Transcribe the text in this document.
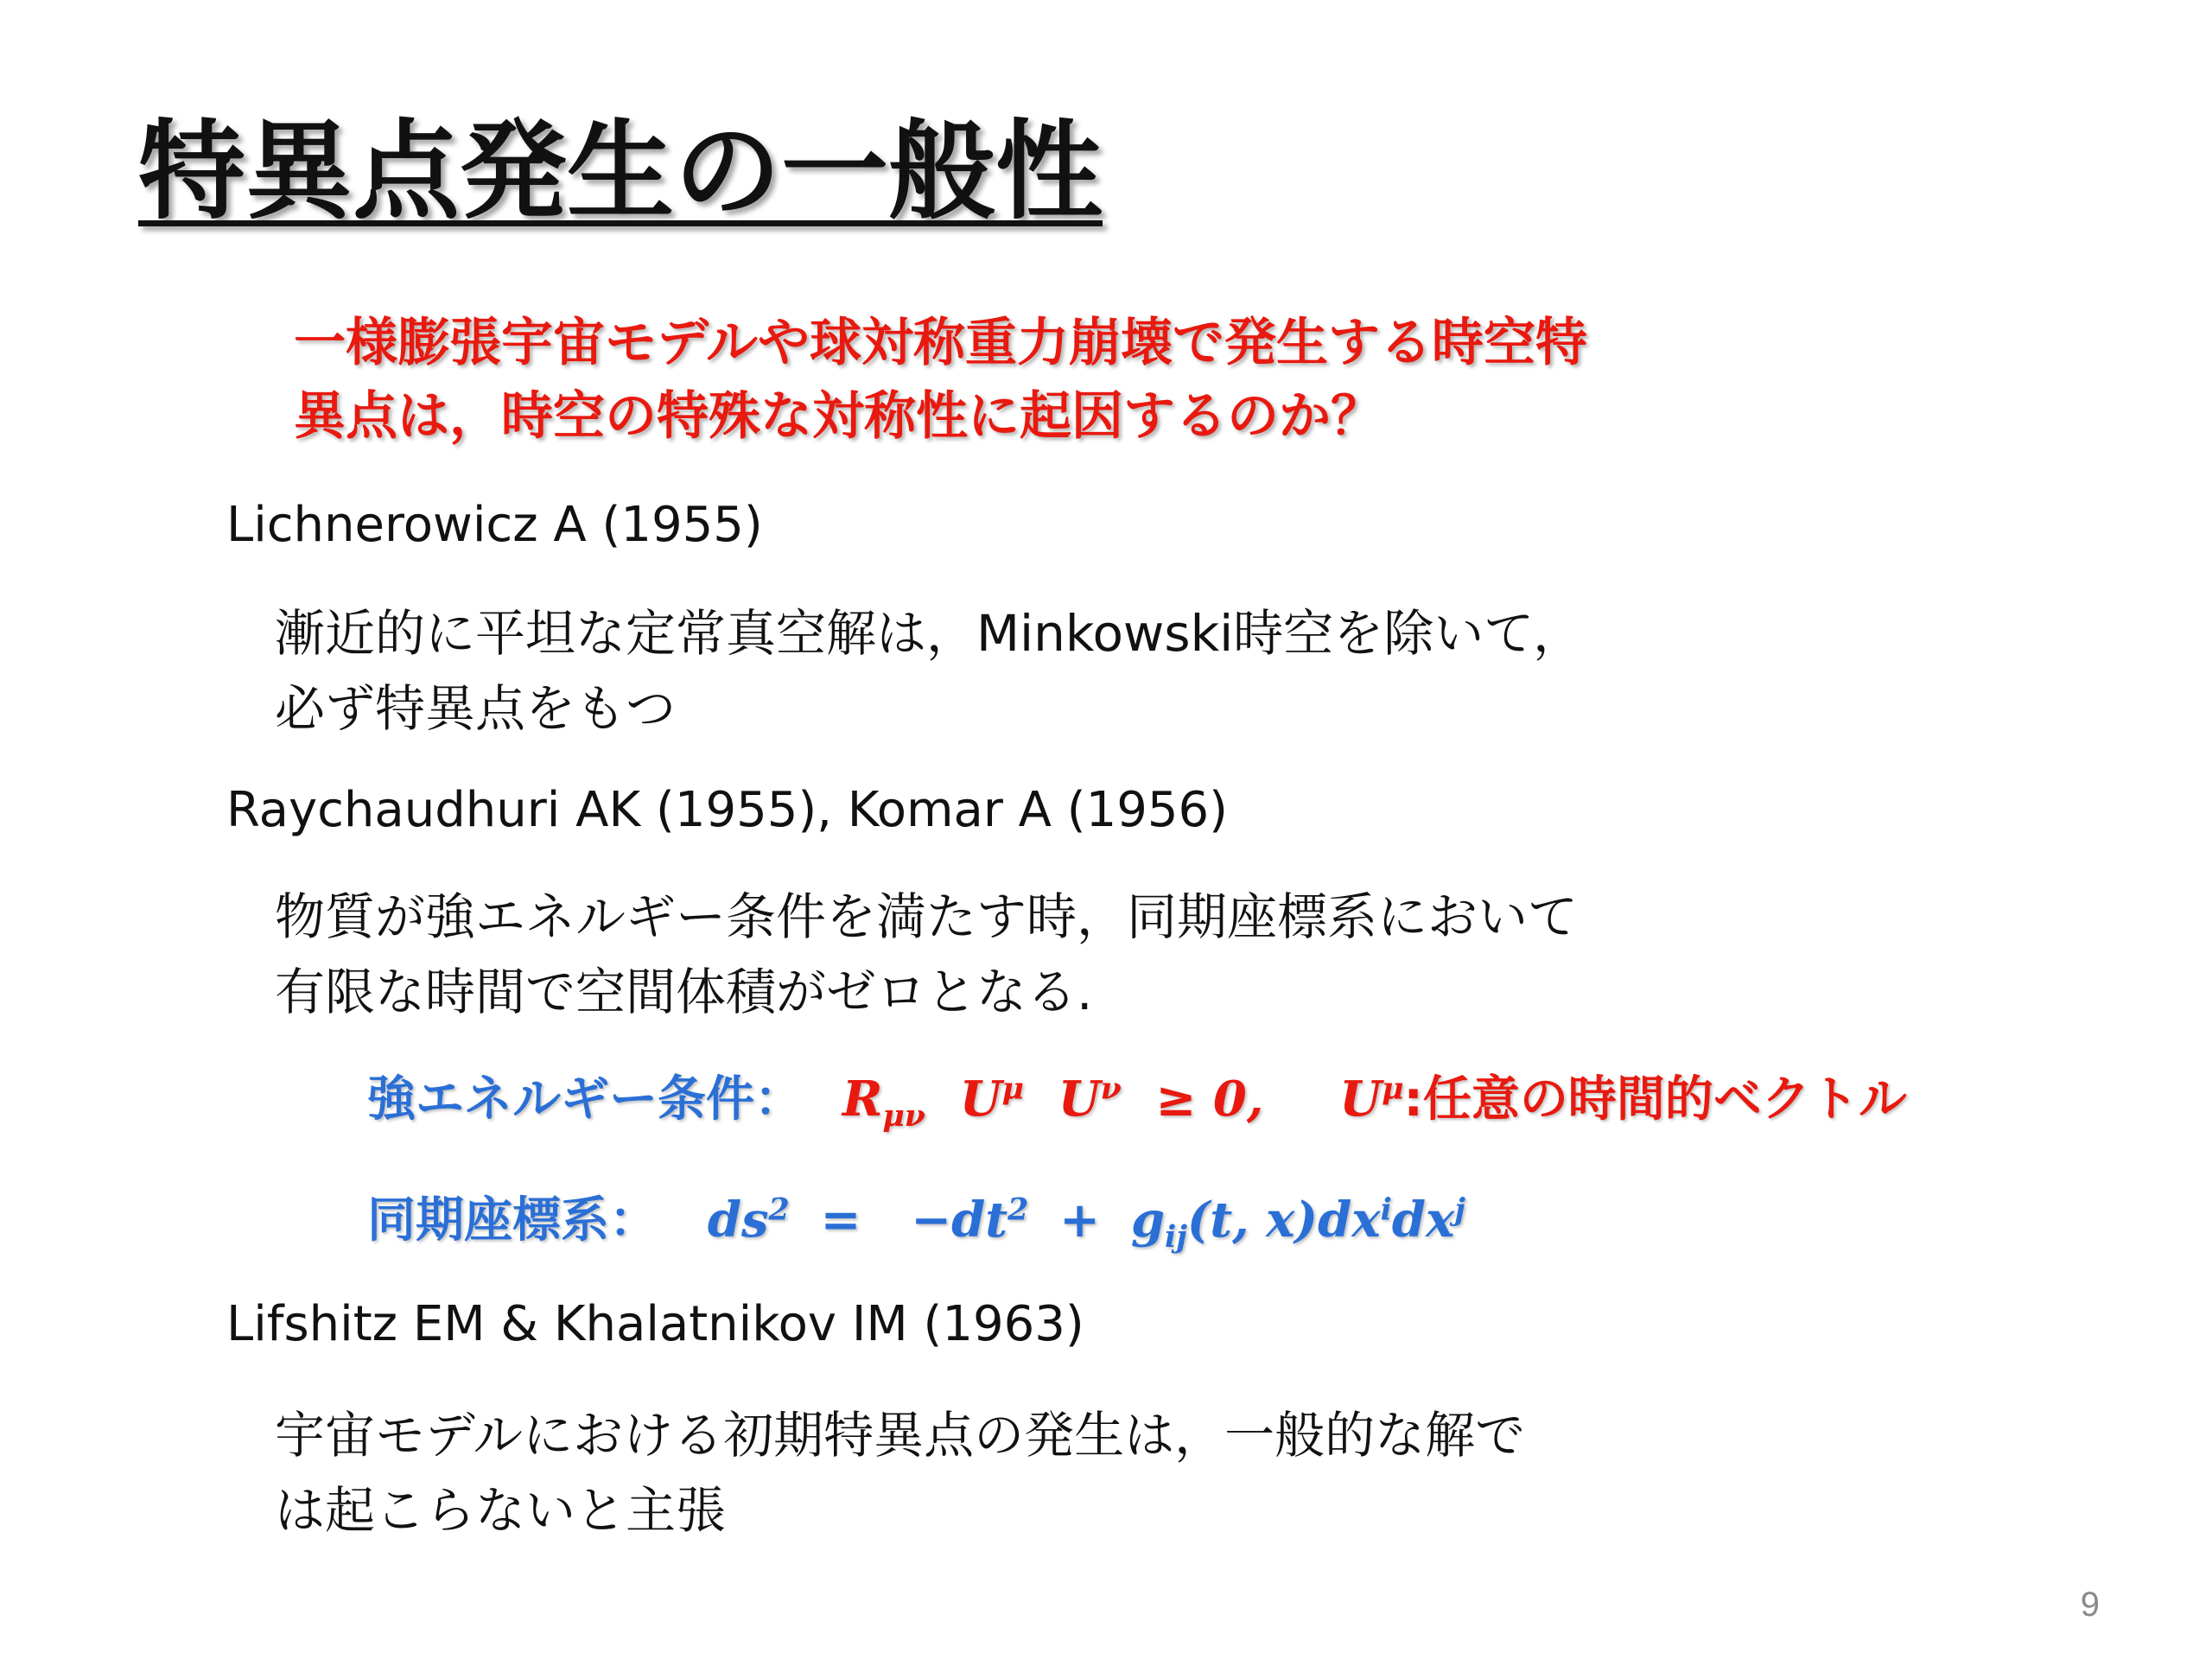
特異点発生の一般性
一様膨張宇宙モデルや球対称重力崩壊で発生する時空特
異点は，時空の特殊な対称性に起因するのか？
Lichnerowicz A (1955)
漸近的に平坦な定常真空解は，Minkowski時空を除いて，
必ず特異点をもつ
Raychaudhuri AK (1955), Komar A (1956)
物質が強エネルギー条件を満たす時，同期座標系において
有限な時間で空間体積がゼロとなる.
強エネルギー条件： $R_{\mu\nu}$ $U^\mu$ $U^\nu \ge 0$, $U^\mu$:任意の時間的ベクトル
同期座標系： $ds^2 = -dt^2 + g_{ij}(t$, $x)dx^idx^j$
Lifshitz EM & Khalatnikov IM (1963)
宇宙モデルにおける初期特異点の発生は，一般的な解で
は起こらないと主張
9
